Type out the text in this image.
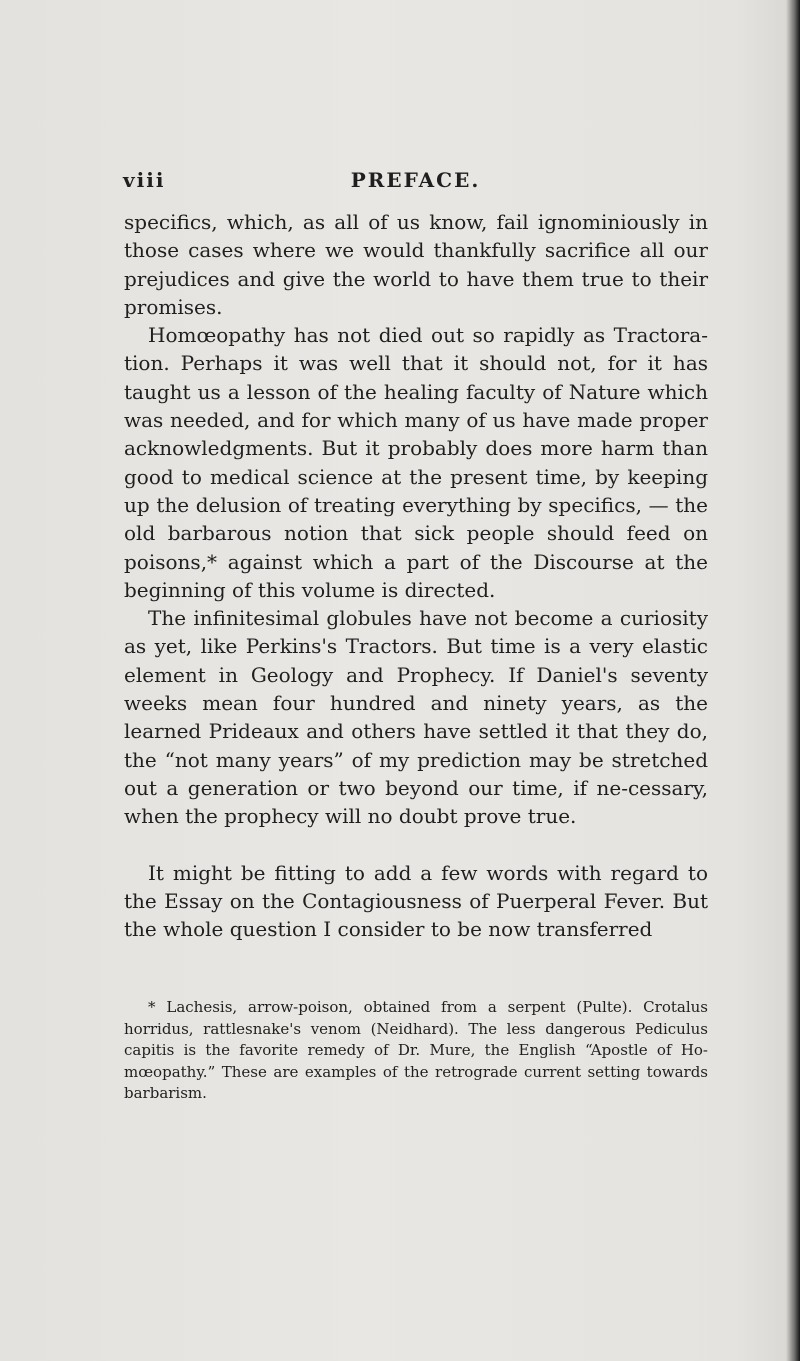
viii	PREFACE.

specifics, which, as all of us know, fail ignominiously in those cases where we would thankfully sacrifice all our prejudices and give the world to have them true to their promises.

Homœopathy has not died out so rapidly as Tractora-tion. Perhaps it was well that it should not, for it has taught us a lesson of the healing faculty of Nature which was needed, and for which many of us have made proper acknowledgments. But it probably does more harm than good to medical science at the present time, by keeping up the delusion of treating everything by specifics, — the old barbarous notion that sick people should feed on poisons,* against which a part of the Discourse at the beginning of this volume is directed.

The infinitesimal globules have not become a curiosity as yet, like Perkins's Tractors. But time is a very elastic element in Geology and Prophecy. If Daniel's seventy weeks mean four hundred and ninety years, as the learned Prideaux and others have settled it that they do, the “not many years” of my prediction may be stretched out a generation or two beyond our time, if ne-cessary, when the prophecy will no doubt prove true.

It might be fitting to add a few words with regard to the Essay on the Contagiousness of Puerperal Fever. But the whole question I consider to be now transferred

* Lachesis, arrow-poison, obtained from a serpent (Pulte). Crotalus horridus, rattlesnake's venom (Neidhard). The less dangerous Pediculus capitis is the favorite remedy of Dr. Mure, the English “Apostle of Ho-mœopathy.” These are examples of the retrograde current setting towards barbarism.
